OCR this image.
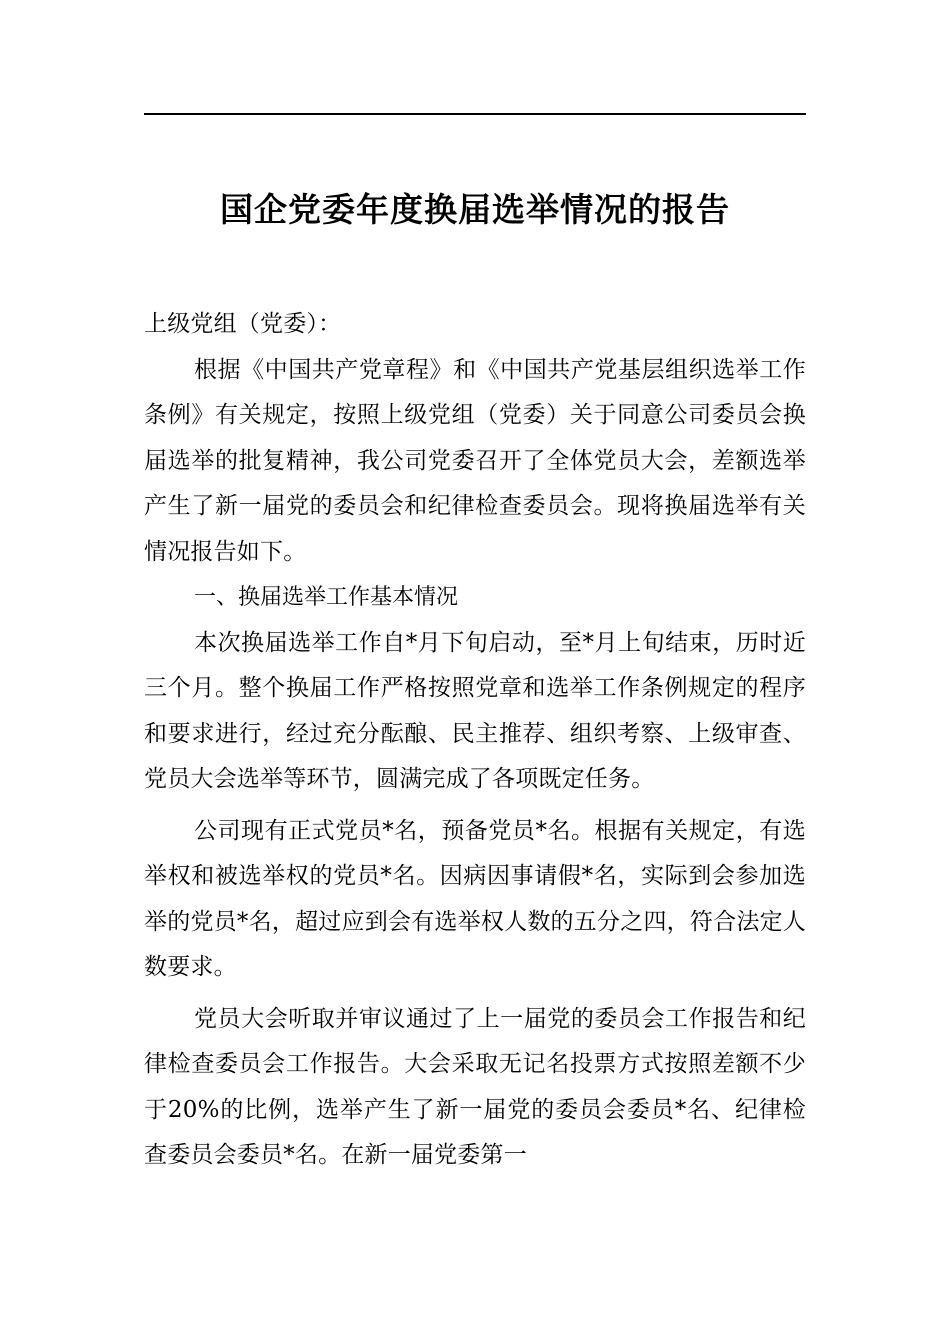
国企党委年度换届选举情况的报告

上级党组（党委）：

根据《中国共产党章程》和《中国共产党基层组织选举工作条例》有关规定，按照上级党组（党委）关于同意公司委员会换届选举的批复精神，我公司党委召开了全体党员大会，差额选举产生了新一届党的委员会和纪律检查委员会。现将换届选举有关情况报告如下。

一、换届选举工作基本情况

本次换届选举工作自*月下旬启动，至*月上旬结束，历时近三个月。整个换届工作严格按照党章和选举工作条例规定的程序和要求进行，经过充分酝酿、民主推荐、组织考察、上级审查、党员大会选举等环节，圆满完成了各项既定任务。

公司现有正式党员*名，预备党员*名。根据有关规定，有选举权和被选举权的党员*名。因病因事请假*名，实际到会参加选举的党员*名，超过应到会有选举权人数的五分之四，符合法定人数要求。

党员大会听取并审议通过了上一届党的委员会工作报告和纪律检查委员会工作报告。大会采取无记名投票方式按照差额不少于20%的比例，选举产生了新一届党的委员会委员*名、纪律检查委员会委员*名。在新一届党委第一
